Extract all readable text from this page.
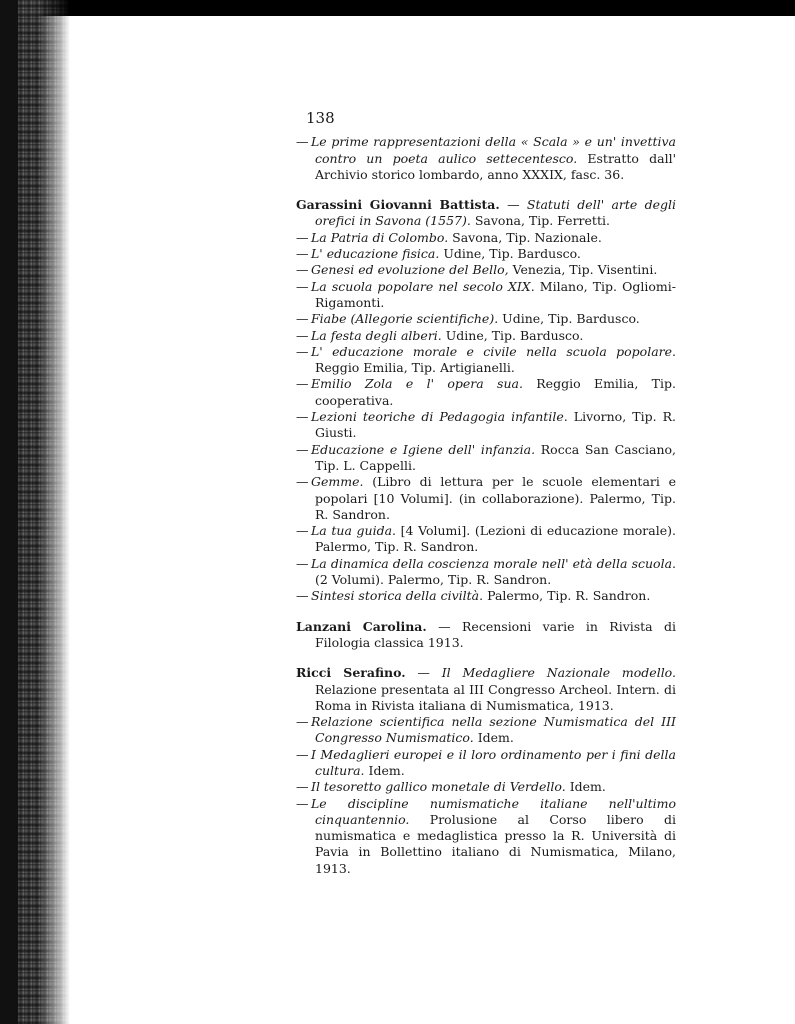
138
— Le prime rappresentazioni della « Scala » e un' invettiva contro un poeta aulico settecentesco. Estratto dall' Archivio storico lombardo, anno XXXIX, fasc. 36.
Garassini Giovanni Battista. — Statuti dell' arte degli orefici in Savona (1557). Savona, Tip. Ferretti.
— La Patria di Colombo. Savona, Tip. Nazionale.
— L' educazione fisica. Udine, Tip. Bardusco.
— Genesi ed evoluzione del Bello, Venezia, Tip. Visentini.
— La scuola popolare nel secolo XIX. Milano, Tip. Ogliomi-Rigamonti.
— Fiabe (Allegorie scientifiche). Udine, Tip. Bardusco.
— La festa degli alberi. Udine, Tip. Bardusco.
— L' educazione morale e civile nella scuola popolare. Reggio Emilia, Tip. Artigianelli.
— Emilio Zola e l' opera sua. Reggio Emilia, Tip. cooperativa.
— Lezioni teoriche di Pedagogia infantile. Livorno, Tip. R. Giusti.
— Educazione e Igiene dell' infanzia. Rocca San Casciano, Tip. L. Cappelli.
— Gemme. (Libro di lettura per le scuole elementari e popolari [10 Volumi]. (in collaborazione). Palermo, Tip. R. Sandron.
— La tua guida. [4 Volumi]. (Lezioni di educazione morale). Palermo, Tip. R. Sandron.
— La dinamica della coscienza morale nell' età della scuola. (2 Volumi). Palermo, Tip. R. Sandron.
— Sintesi storica della civiltà. Palermo, Tip. R. Sandron.
Lanzani Carolina. — Recensioni varie in Rivista di Filologia classica 1913.
Ricci Serafino. — Il Medagliere Nazionale modello. Relazione presentata al III Congresso Archeol. Intern. di Roma in Rivista italiana di Numismatica, 1913.
— Relazione scientifica nella sezione Numismatica del III Congresso Numismatico. Idem.
— I Medaglieri europei e il loro ordinamento per i fini della cultura. Idem.
— Il tesoretto gallico monetale di Verdello. Idem.
— Le discipline numismatiche italiane nell'ultimo cinquantennio. Prolusione al Corso libero di numismatica e medaglistica presso la R. Università di Pavia in Bollettino italiano di Numismatica, Milano, 1913.
